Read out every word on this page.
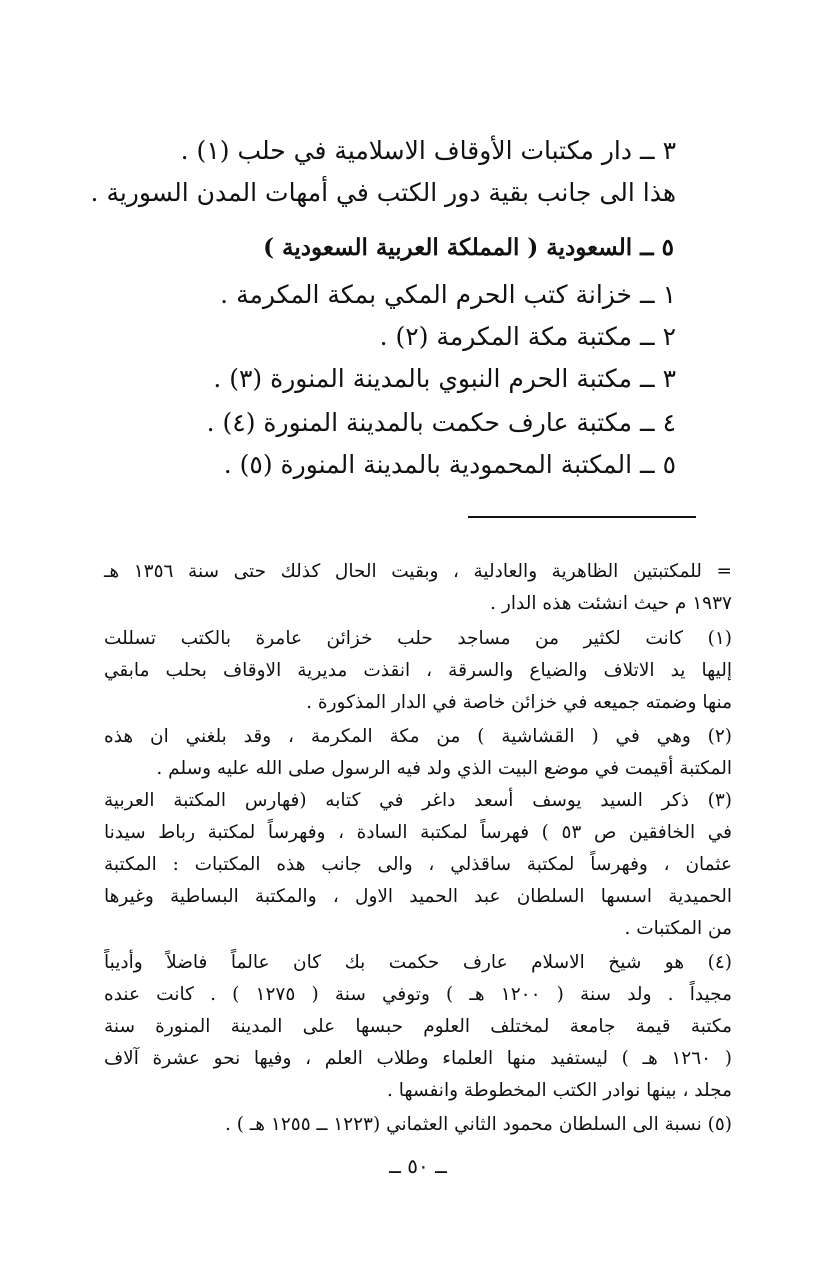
٣ ــ دار مكتبات الأوقاف الاسلامية في حلب (١) .
هذا الى جانب بقية دور الكتب في أمهات المدن السورية .
٥ ــ السعودية ( المملكة العربية السعودية )
١ ــ خزانة كتب الحرم المكي بمكة المكرمة .
٢ ــ مكتبة مكة المكرمة (٢) .
٣ ــ مكتبة الحرم النبوي بالمدينة المنورة (٣) .
٤ ــ مكتبة عارف حكمت بالمدينة المنورة (٤) .
٥ ــ المكتبة المحمودية بالمدينة المنورة (٥) .
= للمكتبتين الظاهرية والعادلية ، وبقيت الحال كذلك حتى سنة ١٣٥٦ هـ
١٩٣٧ م حيث انشئت هذه الدار .
(١) كانت لكثير من مساجد حلب خزائن عامرة بالكتب تسللت
إليها يد الاتلاف والضياع والسرقة ، انقذت مديرية الاوقاف بحلب مابقي
منها وضمته جميعه في خزائن خاصة في الدار المذكورة .
(٢) وهي في ( القشاشية ) من مكة المكرمة ، وقد بلغني ان هذه
المكتبة أقيمت في موضع البيت الذي ولد فيه الرسول صلى الله عليه وسلم .
(٣) ذكر السيد يوسف أسعد داغر في كتابه (فهارس المكتبة العربية
في الخافقين ص ٥٣ ) فهرساً لمكتبة السادة ، وفهرساً لمكتبة رباط سيدنا
عثمان ، وفهرساً لمكتبة ساقذلي ، والى جانب هذه المكتبات : المكتبة
الحميدية اسسها السلطان عبد الحميد الاول ، والمكتبة البساطية وغيرها
من المكتبات .
(٤) هو شيخ الاسلام عارف حكمت بك كان عالماً فاضلاً وأديباً
مجيداً . ولد سنة ( ١٢٠٠ هـ ) وتوفي سنة ( ١٢٧٥ ) . كانت عنده
مكتبة قيمة جامعة لمختلف العلوم حبسها على المدينة المنورة سنة
( ١٢٦٠ هـ ) ليستفيد منها العلماء وطلاب العلم ، وفيها نحو عشرة آلاف
مجلد ، بينها نوادر الكتب المخطوطة وانفسها .
(٥) نسبة الى السلطان محمود الثاني العثماني (١٢٢٣ ــ ١٢٥٥ هـ ) .
ــ ٥٠ ــ
